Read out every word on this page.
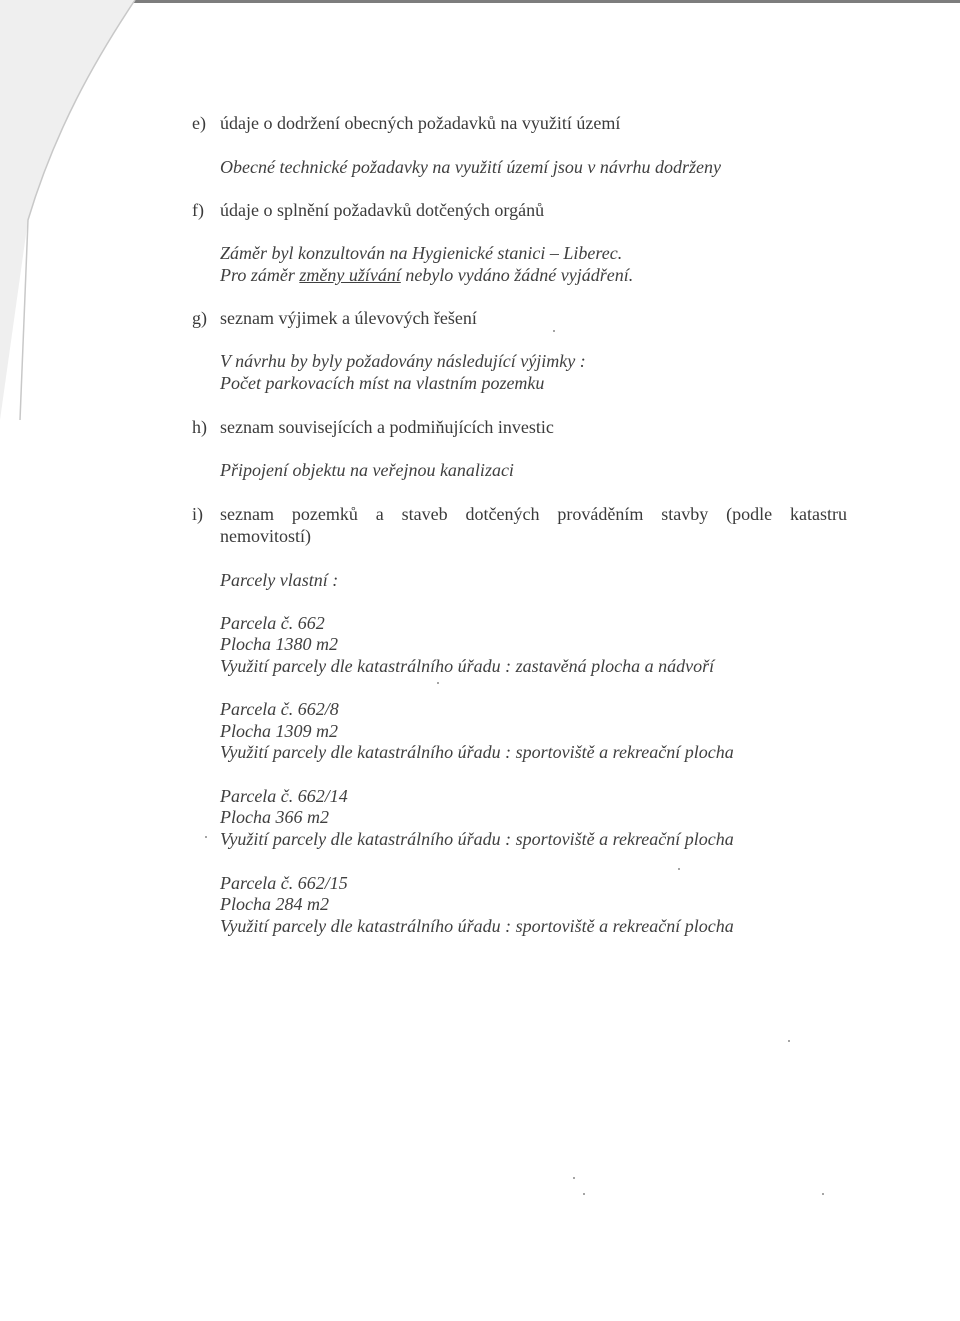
e) údaje o dodržení obecných požadavků na využití území
Obecné technické požadavky na využití území jsou v návrhu dodrženy
f) údaje o splnění požadavků dotčených orgánů
Záměr byl konzultován na Hygienické stanici – Liberec.
Pro záměr změny užívání nebylo vydáno žádné vyjádření.
g) seznam výjimek a úlevových řešení
V návrhu by byly požadovány následující výjimky :
Počet parkovacích míst na vlastním pozemku
h) seznam souvisejících a podmiňujících investic
Připojení objektu na veřejnou kanalizaci
i) seznam pozemků a staveb dotčených prováděním stavby (podle katastru
nemovitostí)
Parcely vlastní :
Parcela č. 662
Plocha 1380 m2
Využití parcely dle katastrálního úřadu : zastavěná plocha a nádvoří
Parcela č. 662/8
Plocha 1309 m2
Využití parcely dle katastrálního úřadu : sportoviště a rekreační plocha
Parcela č. 662/14
Plocha 366 m2
Využití parcely dle katastrálního úřadu : sportoviště a rekreační plocha
Parcela č. 662/15
Plocha 284 m2
Využití parcely dle katastrálního úřadu : sportoviště a rekreační plocha
